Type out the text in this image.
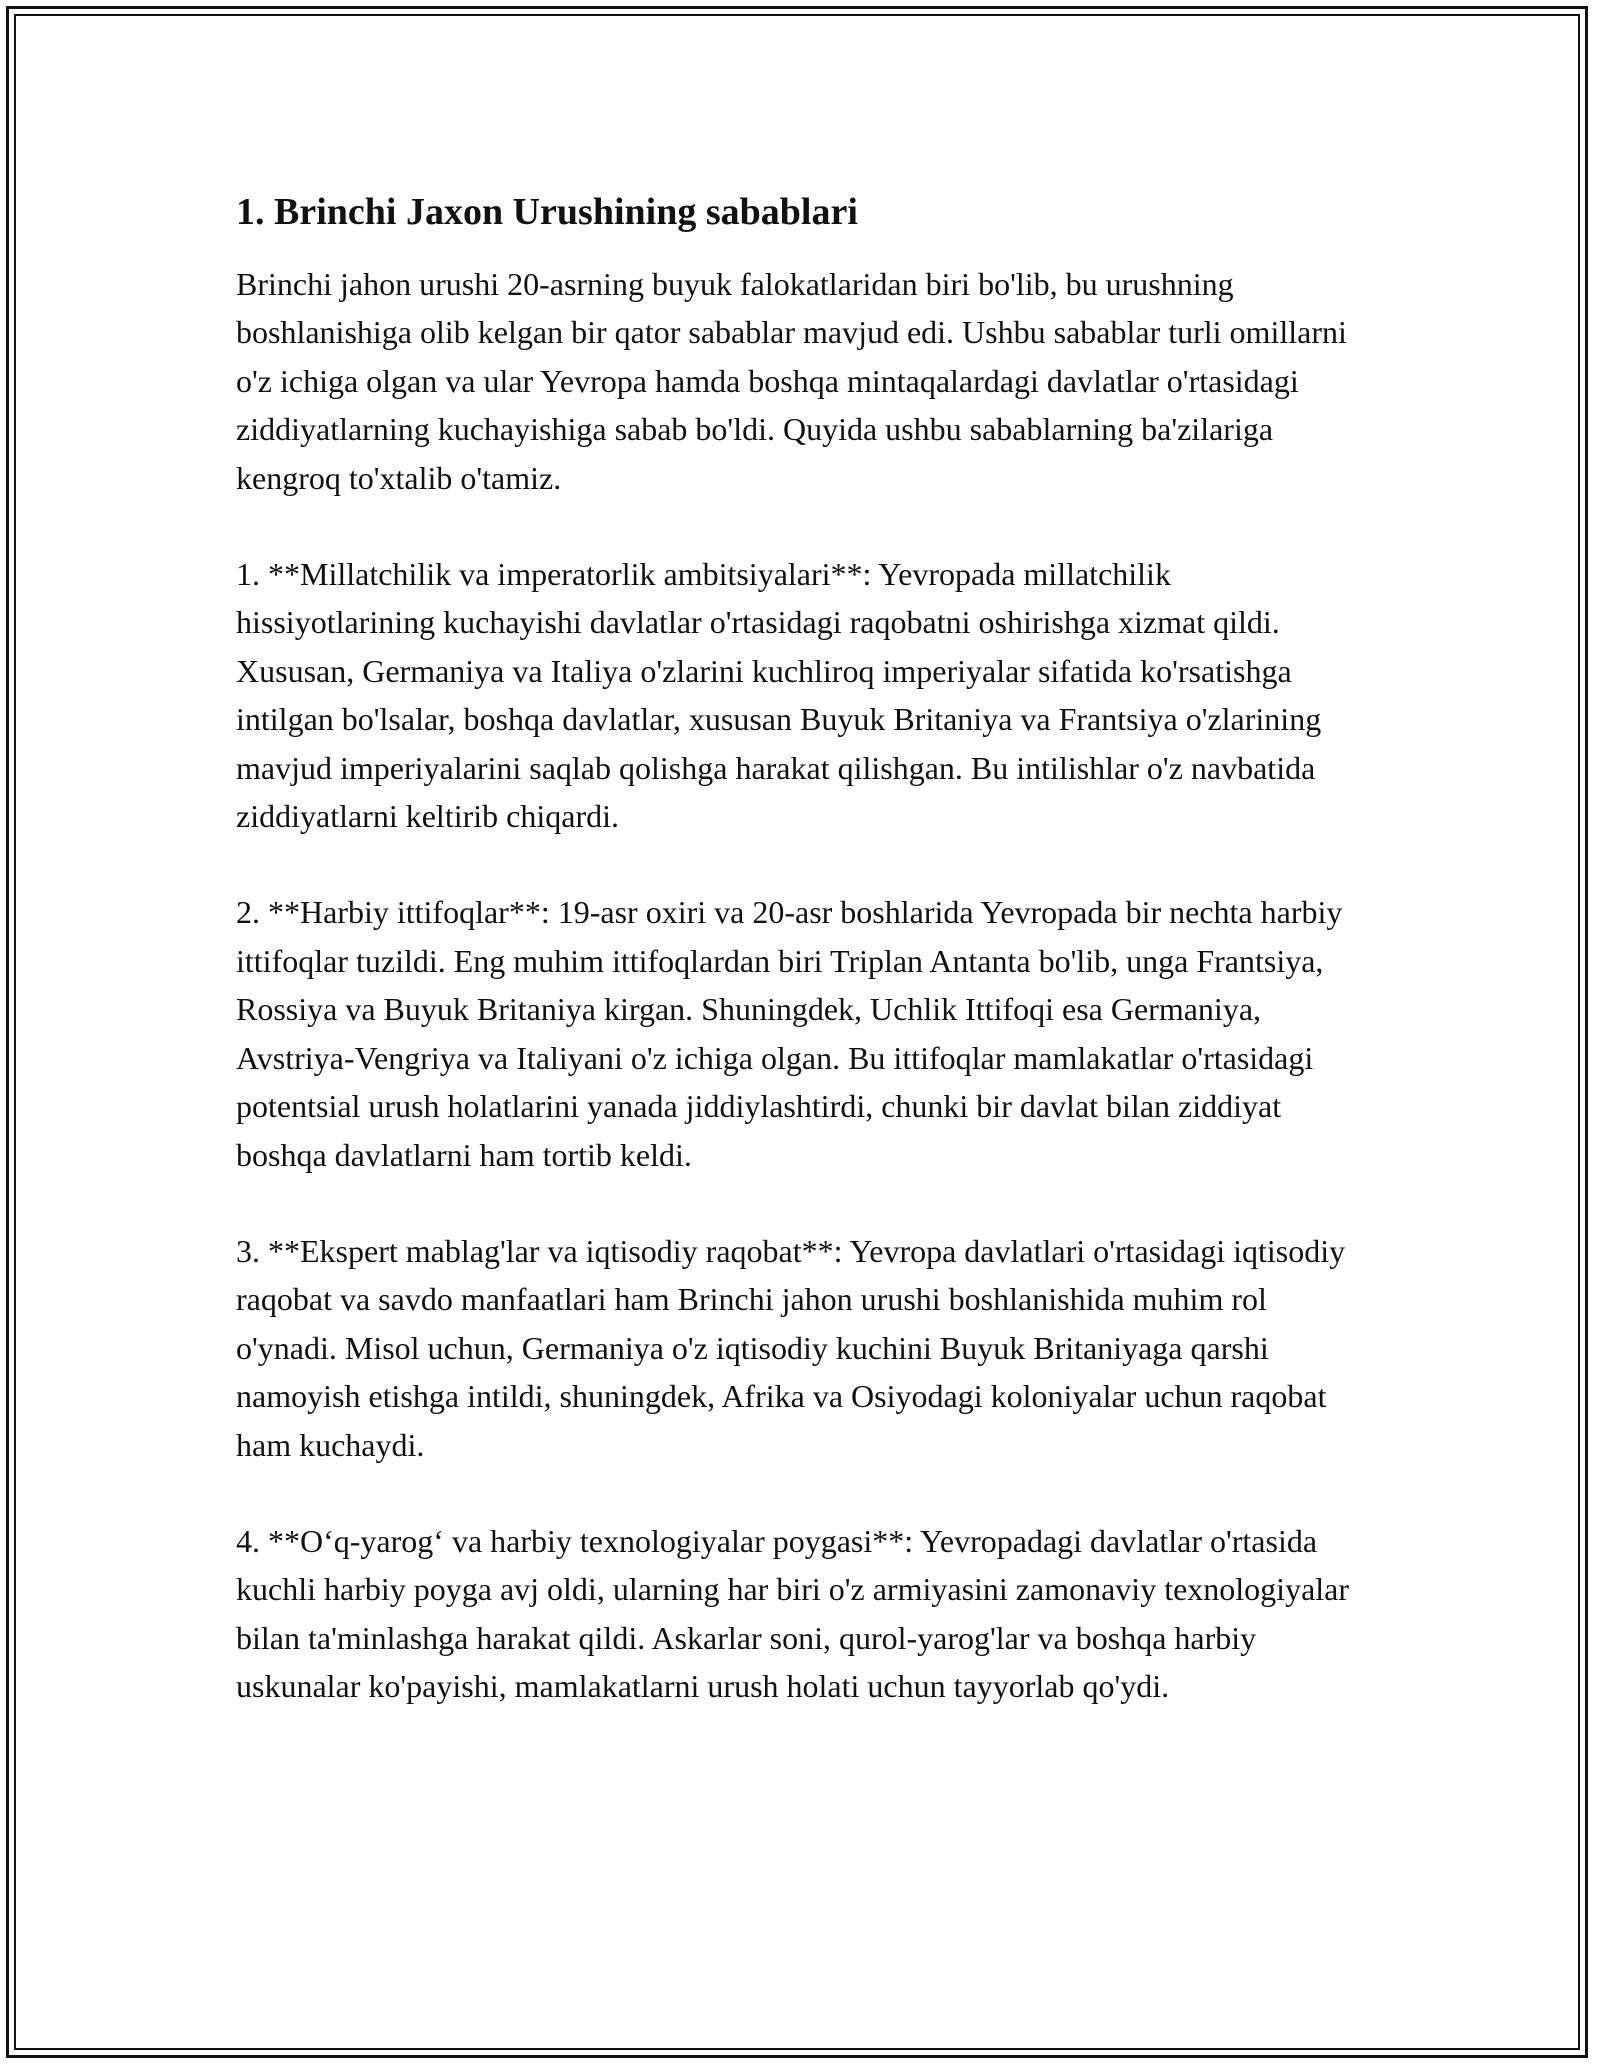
1. Brinchi Jaxon Urushining sabablari

Brinchi jahon urushi 20-asrning buyuk falokatlaridan biri bo'lib, bu urushning boshlanishiga olib kelgan bir qator sabablar mavjud edi. Ushbu sabablar turli omillarni o'z ichiga olgan va ular Yevropa hamda boshqa mintaqalardagi davlatlar o'rtasidagi ziddiyatlarning kuchayishiga sabab bo'ldi. Quyida ushbu sabablarning ba'zilariga kengroq to'xtalib o'tamiz.

1. **Millatchilik va imperatorlik ambitsiyalari**: Yevropada millatchilik hissiyotlarining kuchayishi davlatlar o'rtasidagi raqobatni oshirishga xizmat qildi. Xususan, Germaniya va Italiya o'zlarini kuchliroq imperiyalar sifatida ko'rsatishga intilgan bo'lsalar, boshqa davlatlar, xususan Buyuk Britaniya va Frantsiya o'zlarining mavjud imperiyalarini saqlab qolishga harakat qilishgan. Bu intilishlar o'z navbatida ziddiyatlarni keltirib chiqardi.

2. **Harbiy ittifoqlar**: 19-asr oxiri va 20-asr boshlarida Yevropada bir nechta harbiy ittifoqlar tuzildi. Eng muhim ittifoqlardan biri Triplan Antanta bo'lib, unga Frantsiya, Rossiya va Buyuk Britaniya kirgan. Shuningdek, Uchlik Ittifoqi esa Germaniya, Avstriya-Vengriya va Italiyani o'z ichiga olgan. Bu ittifoqlar mamlakatlar o'rtasidagi potentsial urush holatlarini yanada jiddiylashtirdi, chunki bir davlat bilan ziddiyat boshqa davlatlarni ham tortib keldi.

3. **Ekspert mablag'lar va iqtisodiy raqobat**: Yevropa davlatlari o'rtasidagi iqtisodiy raqobat va savdo manfaatlari ham Brinchi jahon urushi boshlanishida muhim rol o'ynadi. Misol uchun, Germaniya o'z iqtisodiy kuchini Buyuk Britaniyaga qarshi namoyish etishga intildi, shuningdek, Afrika va Osiyodagi koloniyalar uchun raqobat ham kuchaydi.

4. **O‘q-yarog‘ va harbiy texnologiyalar poygasi**: Yevropadagi davlatlar o'rtasida kuchli harbiy poyga avj oldi, ularning har biri o'z armiyasini zamonaviy texnologiyalar bilan ta'minlashga harakat qildi. Askarlar soni, qurol-yarog'lar va boshqa harbiy uskunalar ko'payishi, mamlakatlarni urush holati uchun tayyorlab qo'ydi.
